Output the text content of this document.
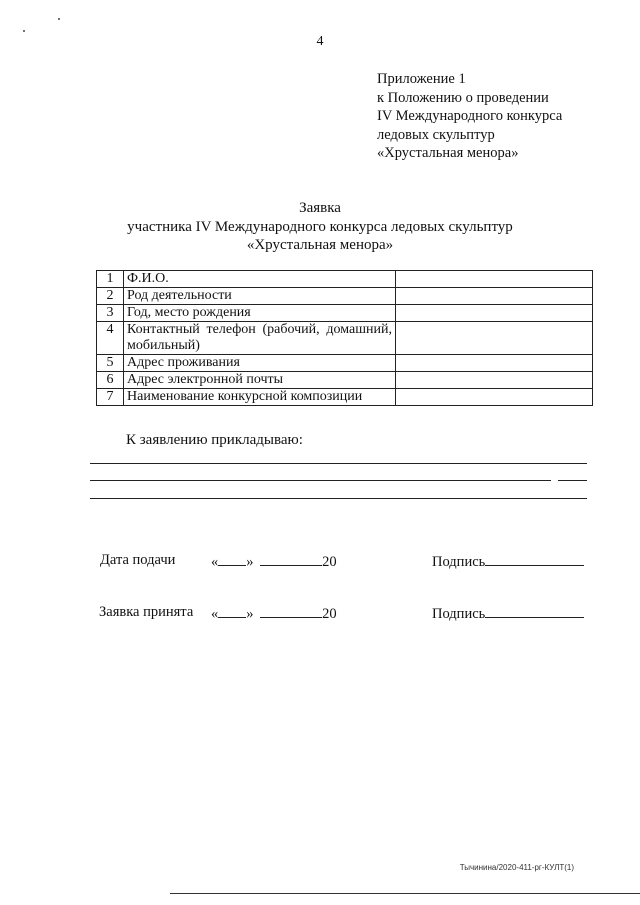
4
Приложение 1
к Положению о проведении
IV Международного конкурса
ледовых скульптур
«Хрустальная менора»
Заявка
участника IV Международного конкурса ледовых скульптур
«Хрустальная менора»
1	Ф.И.О.	
2	Род деятельности	
3	Год, место рождения	
4	Контактный телефон (рабочий, домашний, мобильный)	
5	Адрес проживания	
6	Адрес электронной почты	
7	Наименование конкурсной композиции	
К заявлению прикладываю:
Дата подачи « »	20	Подпись
Заявка принята « »	20	Подпись
Тычинина/2020-411-рг-КУЛТ(1)
